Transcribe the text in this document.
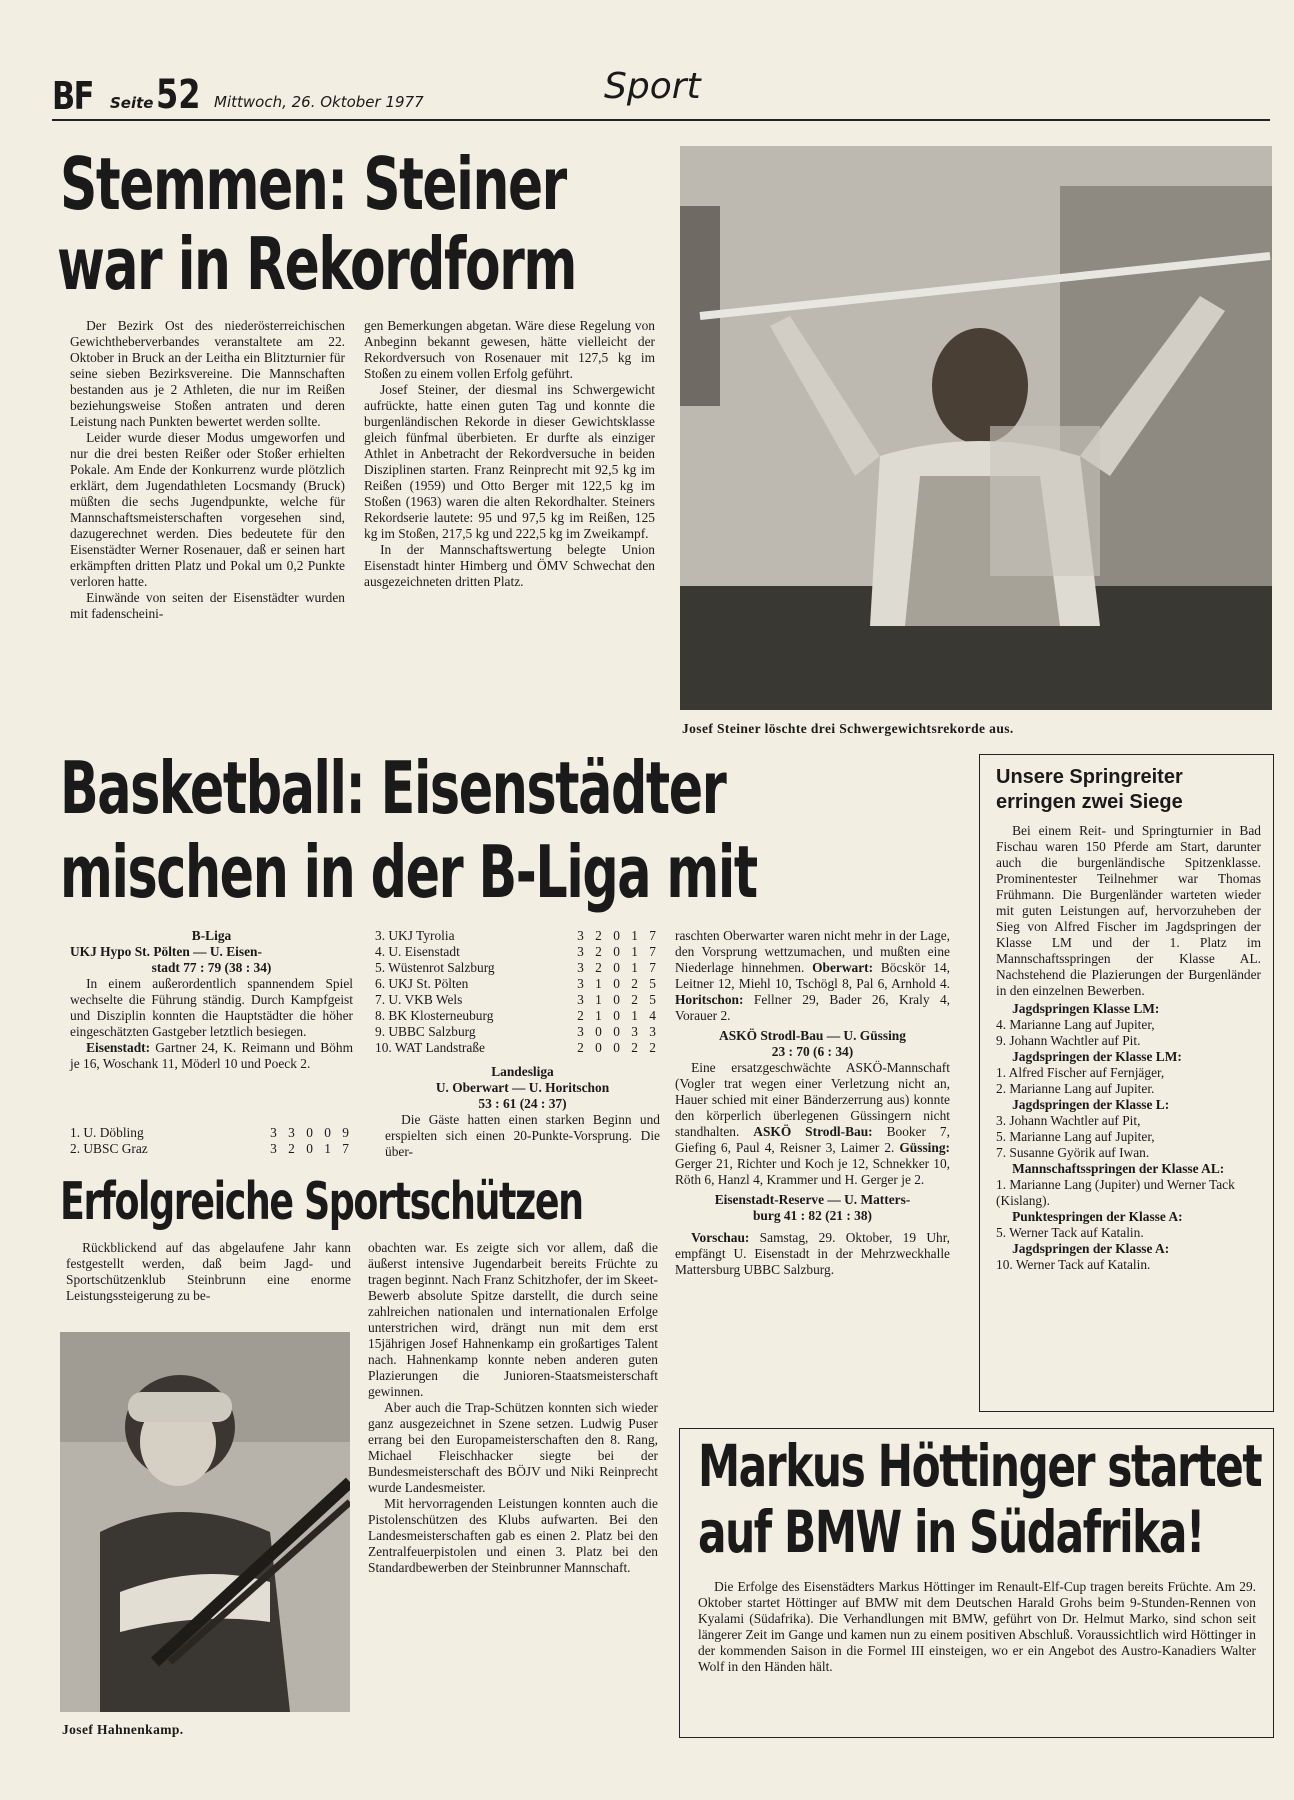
BF Seite 52 Mittwoch, 26. Oktober 1977	Sport
Stemmen: Steiner
war in Rekordform

Der Bezirk Ost des niederösterreichischen Gewichtheberverbandes veranstaltete am 22. Oktober in Bruck an der Leitha ein Blitzturnier für seine sieben Bezirksvereine. Die Mannschaften bestanden aus je 2 Athleten, die nur im Reißen beziehungsweise Stoßen antraten und deren Leistung nach Punkten bewertet werden sollte.

Leider wurde dieser Modus umgeworfen und nur die drei besten Reißer oder Stoßer erhielten Pokale. Am Ende der Konkurrenz wurde plötzlich erklärt, dem Jugendathleten Locsmandy (Bruck) müßten die sechs Jugendpunkte, welche für Mannschaftsmeisterschaften vorgesehen sind, dazugerechnet werden. Dies bedeutete für den Eisenstädter Werner Rosenauer, daß er seinen hart erkämpften dritten Platz und Pokal um 0,2 Punkte verloren hatte.

Einwände von seiten der Eisenstädter wurden mit fadenscheini-

gen Bemerkungen abgetan. Wäre diese Regelung von Anbeginn bekannt gewesen, hätte vielleicht der Rekordversuch von Rosenauer mit 127,5 kg im Stoßen zu einem vollen Erfolg geführt.

Josef Steiner, der diesmal ins Schwergewicht aufrückte, hatte einen guten Tag und konnte die burgenländischen Rekorde in dieser Gewichtsklasse gleich fünfmal überbieten. Er durfte als einziger Athlet in Anbetracht der Rekordversuche in beiden Disziplinen starten. Franz Reinprecht mit 92,5 kg im Reißen (1959) und Otto Berger mit 122,5 kg im Stoßen (1963) waren die alten Rekordhalter. Steiners Rekordserie lautete: 95 und 97,5 kg im Reißen, 125 kg im Stoßen, 217,5 kg und 222,5 kg im Zweikampf.

In der Mannschaftswertung belegte Union Eisenstadt hinter Himberg und ÖMV Schwechat den ausgezeichneten dritten Platz.

Josef Steiner löschte drei Schwergewichtsrekorde aus.
Basketball: Eisenstädter
mischen in der B-Liga mit

B-Liga

UKJ Hypo St. Pölten — U. Eisen-

stadt 77 : 79 (38 : 34)

In einem außerordentlich spannendem Spiel wechselte die Führung ständig. Durch Kampfgeist und Disziplin konnten die Hauptstädter die höher eingeschätzten Gastgeber letztlich besiegen.

Eisenstadt: Gartner 24, K. Reimann und Böhm je 16, Woschank 11, Möderl 10 und Poeck 2.

1. U. Döbling	3 3 0 0 9
2. UBSC Graz	3 2 0 1 7
3. UKJ Tyrolia	3 2 0 1 7
4. U. Eisenstadt	3 2 0 1 7
5. Wüstenrot Salzburg	3 2 0 1 7
6. UKJ St. Pölten	3 1 0 2 5
7. U. VKB Wels	3 1 0 2 5
8. BK Klosterneuburg	2 1 0 1 4
9. UBBC Salzburg	3 0 0 3 3
10. WAT Landstraße	2 0 0 2 2

Landesliga

U. Oberwart — U. Horitschon

53 : 61 (24 : 37)

Die Gäste hatten einen starken Beginn und erspielten sich einen 20-Punkte-Vorsprung. Die über-

raschten Oberwarter waren nicht mehr in der Lage, den Vorsprung wettzumachen, und mußten eine Niederlage hinnehmen. Oberwart: Böcskör 14, Leitner 12, Miehl 10, Tschögl 8, Pal 6, Arnhold 4. Horitschon: Fellner 29, Bader 26, Kraly 4, Vorauer 2.

ASKÖ Strodl-Bau — U. Güssing

23 : 70 (6 : 34)

Eine ersatzgeschwächte ASKÖ-Mannschaft (Vogler trat wegen einer Verletzung nicht an, Hauer schied mit einer Bänderzerrung aus) konnte den körperlich überlegenen Güssingern nicht standhalten. ASKÖ Strodl-Bau: Booker 7, Giefing 6, Paul 4, Reisner 3, Laimer 2. Güssing: Gerger 21, Richter und Koch je 12, Schnekker 10, Röth 6, Hanzl 4, Krammer und H. Gerger je 2.

Eisenstadt-Reserve — U. Matters-

burg 41 : 82 (21 : 38)

Vorschau: Samstag, 29. Oktober, 19 Uhr, empfängt U. Eisenstadt in der Mehrzweckhalle Mattersburg UBBC Salzburg.

Unsere Springreiter erringen zwei Siege

Bei einem Reit- und Springturnier in Bad Fischau waren 150 Pferde am Start, darunter auch die burgenländische Spitzenklasse. Prominentester Teilnehmer war Thomas Frühmann. Die Burgenländer warteten wieder mit guten Leistungen auf, hervorzuheben der Sieg von Alfred Fischer im Jagdspringen der Klasse LM und der 1. Platz im Mannschaftsspringen der Klasse AL. Nachstehend die Plazierungen der Burgenländer in den einzelnen Bewerben.

Jagdspringen Klasse LM:

4. Marianne Lang auf Jupiter,

9. Johann Wachtler auf Pit.

Jagdspringen der Klasse LM:

1. Alfred Fischer auf Fernjäger,

2. Marianne Lang auf Jupiter.

Jagdspringen der Klasse L:

3. Johann Wachtler auf Pit,

5. Marianne Lang auf Jupiter,

7. Susanne Györik auf Iwan.

Mannschaftsspringen der Klasse AL:

1. Marianne Lang (Jupiter) und Werner Tack (Kislang).

Punktespringen der Klasse A:

5. Werner Tack auf Katalin.

Jagdspringen der Klasse A:

10. Werner Tack auf Katalin.

Erfolgreiche Sportschützen

Rückblickend auf das abgelaufene Jahr kann festgestellt werden, daß beim Jagd- und Sportschützenklub Steinbrunn eine enorme Leistungssteigerung zu be-

Josef Hahnenkamp.

obachten war. Es zeigte sich vor allem, daß die äußerst intensive Jugendarbeit bereits Früchte zu tragen beginnt. Nach Franz Schitzhofer, der im Skeet-Bewerb absolute Spitze darstellt, die durch seine zahlreichen nationalen und internationalen Erfolge unterstrichen wird, drängt nun mit dem erst 15jährigen Josef Hahnenkamp ein großartiges Talent nach. Hahnenkamp konnte neben anderen guten Plazierungen die Junioren-Staatsmeisterschaft gewinnen.

Aber auch die Trap-Schützen konnten sich wieder ganz ausgezeichnet in Szene setzen. Ludwig Puser errang bei den Europameisterschaften den 8. Rang, Michael Fleischhacker siegte bei der Bundesmeisterschaft des BÖJV und Niki Reinprecht wurde Landesmeister.

Mit hervorragenden Leistungen konnten auch die Pistolenschützen des Klubs aufwarten. Bei den Landesmeisterschaften gab es einen 2. Platz bei den Zentralfeuerpistolen und einen 3. Platz bei den Standardbewerben der Steinbrunner Mannschaft.

Markus Höttinger startet
auf BMW in Südafrika!

Die Erfolge des Eisenstädters Markus Höttinger im Renault-Elf-Cup tragen bereits Früchte. Am 29. Oktober startet Höttinger auf BMW mit dem Deutschen Harald Grohs beim 9-Stunden-Rennen von Kyalami (Südafrika). Die Verhandlungen mit BMW, geführt von Dr. Helmut Marko, sind schon seit längerer Zeit im Gange und kamen nun zu einem positiven Abschluß. Voraussichtlich wird Höttinger in der kommenden Saison in die Formel III einsteigen, wo er ein Angebot des Austro-Kanadiers Walter Wolf in den Händen hält.
